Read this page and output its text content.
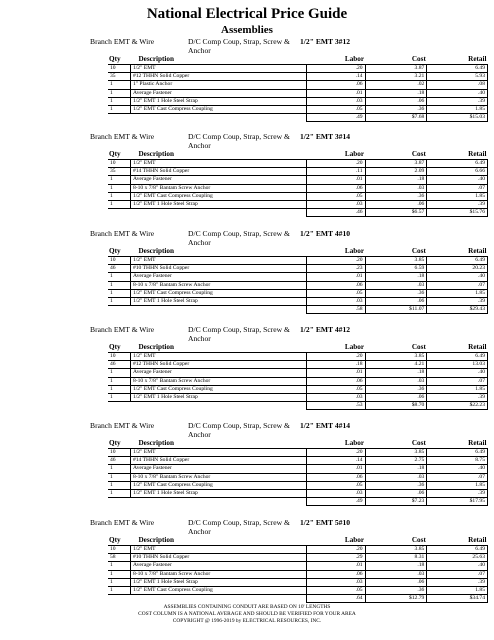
National Electrical Price Guide
Assemblies
Branch EMT & Wire	D/C Comp Coup, Strap, Screw & Anchor
1/2" EMT 3#12
Qty	Description	Labor	Cost	Retail
10	1/2" EMT	.20	3.87	6.49
35	#12 THHN Solid Copper	.14	3.21	5.93
1	1" Plastic Anchor	.06	.02	.08
1	Average Fastener	.01	.18	.40
1	1/2" EMT 1 Hole Steel Strap	.03	.06	.39
1	1/2" EMT Cast Compress Coupling	.05	.36	1.85
		.49	$7.68	$15.03
Branch EMT & Wire	D/C Comp Coup, Strap, Screw & Anchor
1/2" EMT 3#14
Qty	Description	Labor	Cost	Retail
10	1/2" EMT	.20	3.87	6.49
35	#14 THHN Solid Copper	.11	2.09	6.66
1	Average Fastener	.01	.18	.40
1	8-10 x 7/8" Bantam Screw Anchor	.06	.03	.07
1	1/2" EMT Cast Compress Coupling	.05	.36	1.85
1	1/2" EMT 1 Hole Steel Strap	.03	.06	.39
		.46	$6.57	$15.76
Branch EMT & Wire	D/C Comp Coup, Strap, Screw & Anchor
1/2" EMT 4#10
Qty	Description	Labor	Cost	Retail
10	1/2" EMT	.20	3.85	6.49
46	#10 THHN Solid Copper	.23	6.59	20.23
1	Average Fastener	.01	.18	.40
1	8-10 x 7/8" Bantam Screw Anchor	.06	.03	.07
1	1/2" EMT Cast Compress Coupling	.05	.36	1.85
1	1/2" EMT 1 Hole Steel Strap	.03	.06	.39
		.58	$11.07	$29.43
Branch EMT & Wire	D/C Comp Coup, Strap, Screw & Anchor
1/2" EMT 4#12
Qty	Description	Labor	Cost	Retail
10	1/2" EMT	.20	3.85	6.49
46	#12 THHN Solid Copper	.18	4.21	13.03
1	Average Fastener	.01	.18	.40
1	8-10 x 7/8" Bantam Screw Anchor	.06	.03	.07
1	1/2" EMT Cast Compress Coupling	.05	.36	1.85
1	1/2" EMT 1 Hole Steel Strap	.03	.06	.39
		.53	$8.70	$22.23
Branch EMT & Wire	D/C Comp Coup, Strap, Screw & Anchor
1/2" EMT 4#14
Qty	Description	Labor	Cost	Retail
10	1/2" EMT	.20	3.85	6.49
46	#14 THHN Solid Copper	.14	2.75	8.75
1	Average Fastener	.01	.18	.40
1	8-10 x 7/8" Bantam Screw Anchor	.06	.03	.07
1	1/2" EMT Cast Compress Coupling	.05	.36	1.85
1	1/2" EMT 1 Hole Steel Strap	.03	.06	.39
		.49	$7.23	$17.95
Branch EMT & Wire	D/C Comp Coup, Strap, Screw & Anchor
1/2" EMT 5#10
Qty	Description	Labor	Cost	Retail
10	1/2" EMT	.20	3.85	6.49
58	#10 THHN Solid Copper	.29	8.31	25.63
1	Average Fastener	.01	.18	.40
1	8-10 x 7/8" Bantam Screw Anchor	.06	.03	.07
1	1/2" EMT 1 Hole Steel Strap	.03	.06	.39
1	1/2" EMT Cast Compress Coupling	.05	.36	1.85
		.64	$12.79	$34.74
ASSEMBLIES CONTAINING CONDUIT ARE BASED ON 10' LENGTHS
COST COLUMN IS A NATIONAL AVERAGE AND SHOULD BE VERIFIED FOR YOUR AREA
COPYRIGHT @ 1996-2019 by ELECTRICAL RESOURCES, INC.
